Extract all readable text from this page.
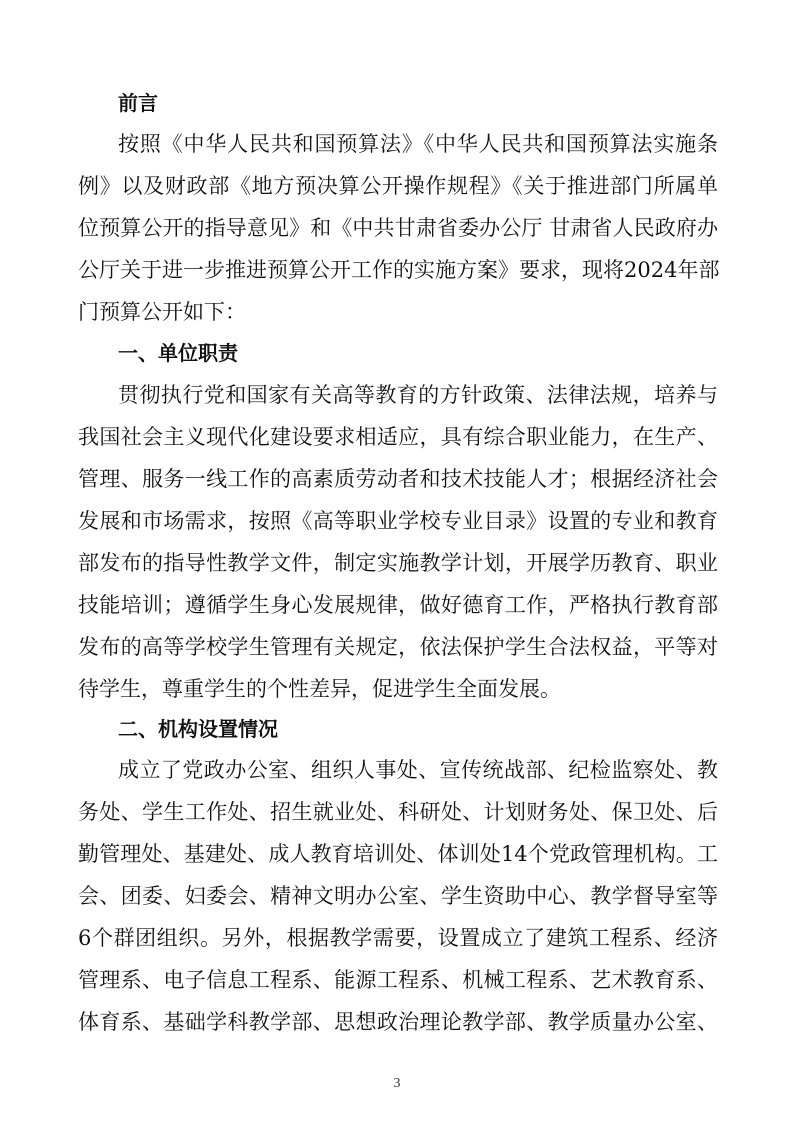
前言
按照《中华人民共和国预算法》《中华人民共和国预算法实施条
例》以及财政部《地方预决算公开操作规程》《关于推进部门所属单
位预算公开的指导意见》和《中共甘肃省委办公厅 甘肃省人民政府办
公厅关于进一步推进预算公开工作的实施方案》要求，现将2024年部
门预算公开如下：
一、单位职责
贯彻执行党和国家有关高等教育的方针政策、法律法规，培养与
我国社会主义现代化建设要求相适应，具有综合职业能力，在生产、
管理、服务一线工作的高素质劳动者和技术技能人才；根据经济社会
发展和市场需求，按照《高等职业学校专业目录》设置的专业和教育
部发布的指导性教学文件，制定实施教学计划，开展学历教育、职业
技能培训；遵循学生身心发展规律，做好德育工作，严格执行教育部
发布的高等学校学生管理有关规定，依法保护学生合法权益，平等对
待学生，尊重学生的个性差异，促进学生全面发展。
二、机构设置情况
成立了党政办公室、组织人事处、宣传统战部、纪检监察处、教
务处、学生工作处、招生就业处、科研处、计划财务处、保卫处、后
勤管理处、基建处、成人教育培训处、体训处14个党政管理机构。工
会、团委、妇委会、精神文明办公室、学生资助中心、教学督导室等
6个群团组织。另外，根据教学需要，设置成立了建筑工程系、经济
管理系、电子信息工程系、能源工程系、机械工程系、艺术教育系、
体育系、基础学科教学部、思想政治理论教学部、教学质量办公室、
3
